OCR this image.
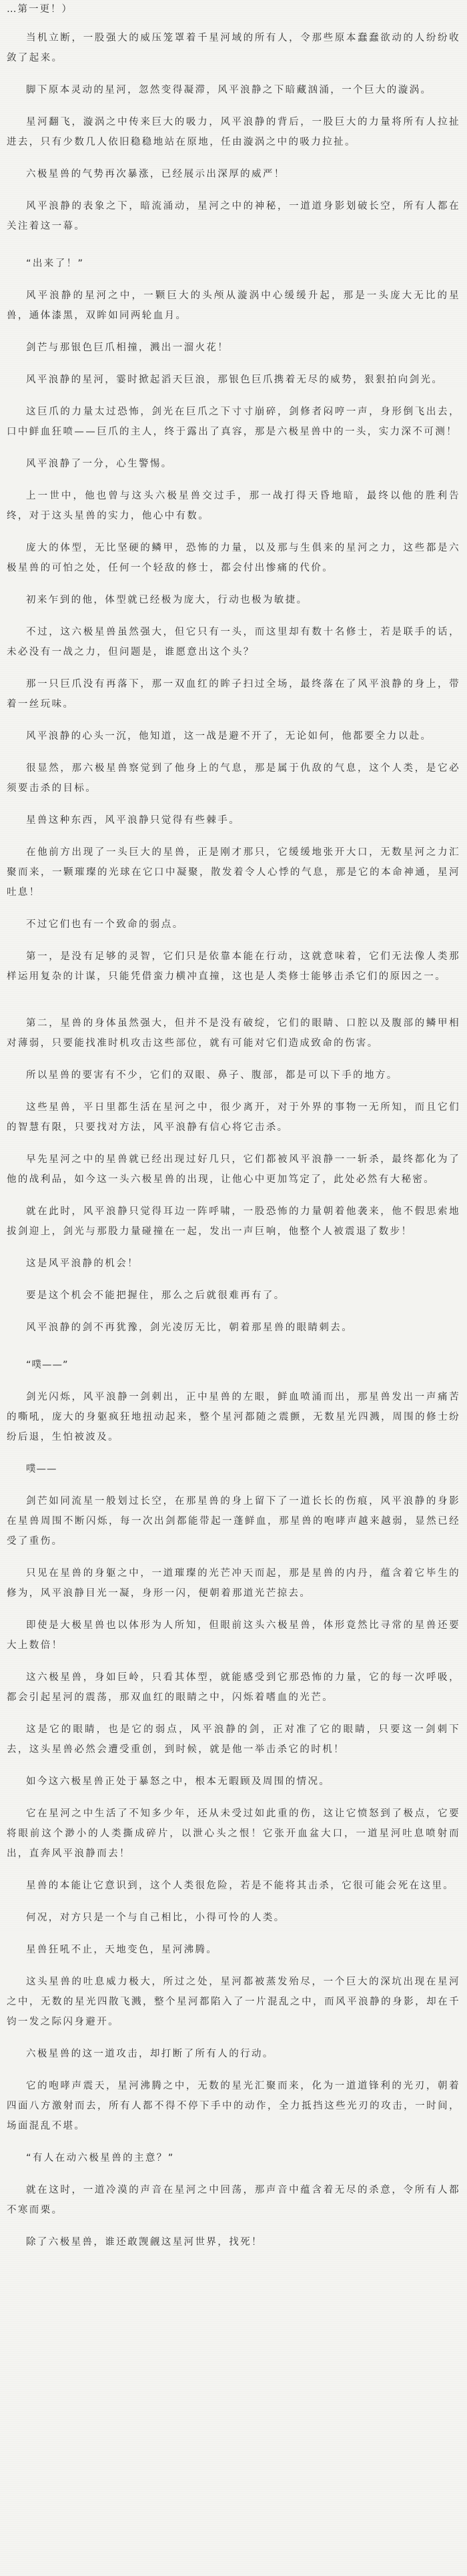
…第一更！）

当机立断，一股强大的威压笼罩着千星河域的所有人，令那些原本蠢蠢欲动的人纷纷收敛了起来。

脚下原本灵动的星河，忽然变得凝滞，风平浪静之下暗藏汹涌，一个巨大的漩涡。

星河翻飞，漩涡之中传来巨大的吸力，风平浪静的背后，一股巨大的力量将所有人拉扯进去，只有少数几人依旧稳稳地站在原地，任由漩涡之中的吸力拉扯。

六极星兽的气势再次暴涨，已经展示出深厚的威严！

风平浪静的表象之下，暗流涌动，星河之中的神秘，一道道身影划破长空，所有人都在关注着这一幕。

“出来了！”

风平浪静的星河之中，一颗巨大的头颅从漩涡中心缓缓升起，那是一头庞大无比的星兽，通体漆黑，双眸如同两轮血月。

剑芒与那银色巨爪相撞，溅出一溜火花！

风平浪静的星河，霎时掀起滔天巨浪，那银色巨爪携着无尽的威势，狠狠拍向剑光。

这巨爪的力量太过恐怖，剑光在巨爪之下寸寸崩碎，剑修者闷哼一声，身形倒飞出去，口中鲜血狂喷——巨爪的主人，终于露出了真容，那是六极星兽中的一头，实力深不可测！

风平浪静了一分，心生警惕。

上一世中，他也曾与这头六极星兽交过手，那一战打得天昏地暗，最终以他的胜利告终，对于这头星兽的实力，他心中有数。

庞大的体型，无比坚硬的鳞甲，恐怖的力量，以及那与生俱来的星河之力，这些都是六极星兽的可怕之处，任何一个轻敌的修士，都会付出惨痛的代价。

初来乍到的他，体型就已经极为庞大，行动也极为敏捷。

不过，这六极星兽虽然强大，但它只有一头，而这里却有数十名修士，若是联手的话，未必没有一战之力，但问题是，谁愿意出这个头？

那一只巨爪没有再落下，那一双血红的眸子扫过全场，最终落在了风平浪静的身上，带着一丝玩味。

风平浪静的心头一沉，他知道，这一战是避不开了，无论如何，他都要全力以赴。

很显然，那六极星兽察觉到了他身上的气息，那是属于仇敌的气息，这个人类，是它必须要击杀的目标。

星兽这种东西，风平浪静只觉得有些棘手。

在他前方出现了一头巨大的星兽，正是刚才那只，它缓缓地张开大口，无数星河之力汇聚而来，一颗璀璨的光球在它口中凝聚，散发着令人心悸的气息，那是它的本命神通，星河吐息！

不过它们也有一个致命的弱点。

第一，是没有足够的灵智，它们只是依靠本能在行动，这就意味着，它们无法像人类那样运用复杂的计谋，只能凭借蛮力横冲直撞，这也是人类修士能够击杀它们的原因之一。

第二，星兽的身体虽然强大，但并不是没有破绽，它们的眼睛、口腔以及腹部的鳞甲相对薄弱，只要能找准时机攻击这些部位，就有可能对它们造成致命的伤害。

所以星兽的要害有不少，它们的双眼、鼻子、腹部，都是可以下手的地方。

这些星兽，平日里都生活在星河之中，很少离开，对于外界的事物一无所知，而且它们的智慧有限，只要找对方法，风平浪静有信心将它击杀。

早先星河之中的星兽就已经出现过好几只，它们都被风平浪静一一斩杀，最终都化为了他的战利品，如今这一头六极星兽的出现，让他心中更加笃定了，此处必然有大秘密。

就在此时，风平浪静只觉得耳边一阵呼啸，一股恐怖的力量朝着他袭来，他不假思索地拔剑迎上，剑光与那股力量碰撞在一起，发出一声巨响，他整个人被震退了数步！

这是风平浪静的机会！

要是这个机会不能把握住，那么之后就很难再有了。

风平浪静的剑不再犹豫，剑光凌厉无比，朝着那星兽的眼睛刺去。

“噗——”

剑光闪烁，风平浪静一剑刺出，正中星兽的左眼，鲜血喷涌而出，那星兽发出一声痛苦的嘶吼，庞大的身躯疯狂地扭动起来，整个星河都随之震颤，无数星光四溅，周围的修士纷纷后退，生怕被波及。

噗——

剑芒如同流星一般划过长空，在那星兽的身上留下了一道长长的伤痕，风平浪静的身影在星兽周围不断闪烁，每一次出剑都能带起一蓬鲜血，那星兽的咆哮声越来越弱，显然已经受了重伤。

只见在星兽的身躯之中，一道璀璨的光芒冲天而起，那是星兽的内丹，蕴含着它毕生的修为，风平浪静目光一凝，身形一闪，便朝着那道光芒掠去。

即使是大极星兽也以体形为人所知，但眼前这头六极星兽，体形竟然比寻常的星兽还要大上数倍！

这六极星兽，身如巨岭，只看其体型，就能感受到它那恐怖的力量，它的每一次呼吸，都会引起星河的震荡，那双血红的眼睛之中，闪烁着嗜血的光芒。

这是它的眼睛，也是它的弱点，风平浪静的剑，正对准了它的眼睛，只要这一剑刺下去，这头星兽必然会遭受重创，到时候，就是他一举击杀它的时机！

如今这六极星兽正处于暴怒之中，根本无暇顾及周围的情况。

它在星河之中生活了不知多少年，还从未受过如此重的伤，这让它愤怒到了极点，它要将眼前这个渺小的人类撕成碎片，以泄心头之恨！它张开血盆大口，一道星河吐息喷射而出，直奔风平浪静而去！

星兽的本能让它意识到，这个人类很危险，若是不能将其击杀，它很可能会死在这里。

何况，对方只是一个与自己相比，小得可怜的人类。

星兽狂吼不止，天地变色，星河沸腾。

这头星兽的吐息威力极大，所过之处，星河都被蒸发殆尽，一个巨大的深坑出现在星河之中，无数的星光四散飞溅，整个星河都陷入了一片混乱之中，而风平浪静的身影，却在千钧一发之际闪身避开。

六极星兽的这一道攻击，却打断了所有人的行动。

它的咆哮声震天，星河沸腾之中，无数的星光汇聚而来，化为一道道锋利的光刃，朝着四面八方激射而去，所有人都不得不停下手中的动作，全力抵挡这些光刃的攻击，一时间，场面混乱不堪。

“有人在动六极星兽的主意？”

就在这时，一道冷漠的声音在星河之中回荡，那声音中蕴含着无尽的杀意，令所有人都不寒而栗。

除了六极星兽，谁还敢觊觎这星河世界，找死！
